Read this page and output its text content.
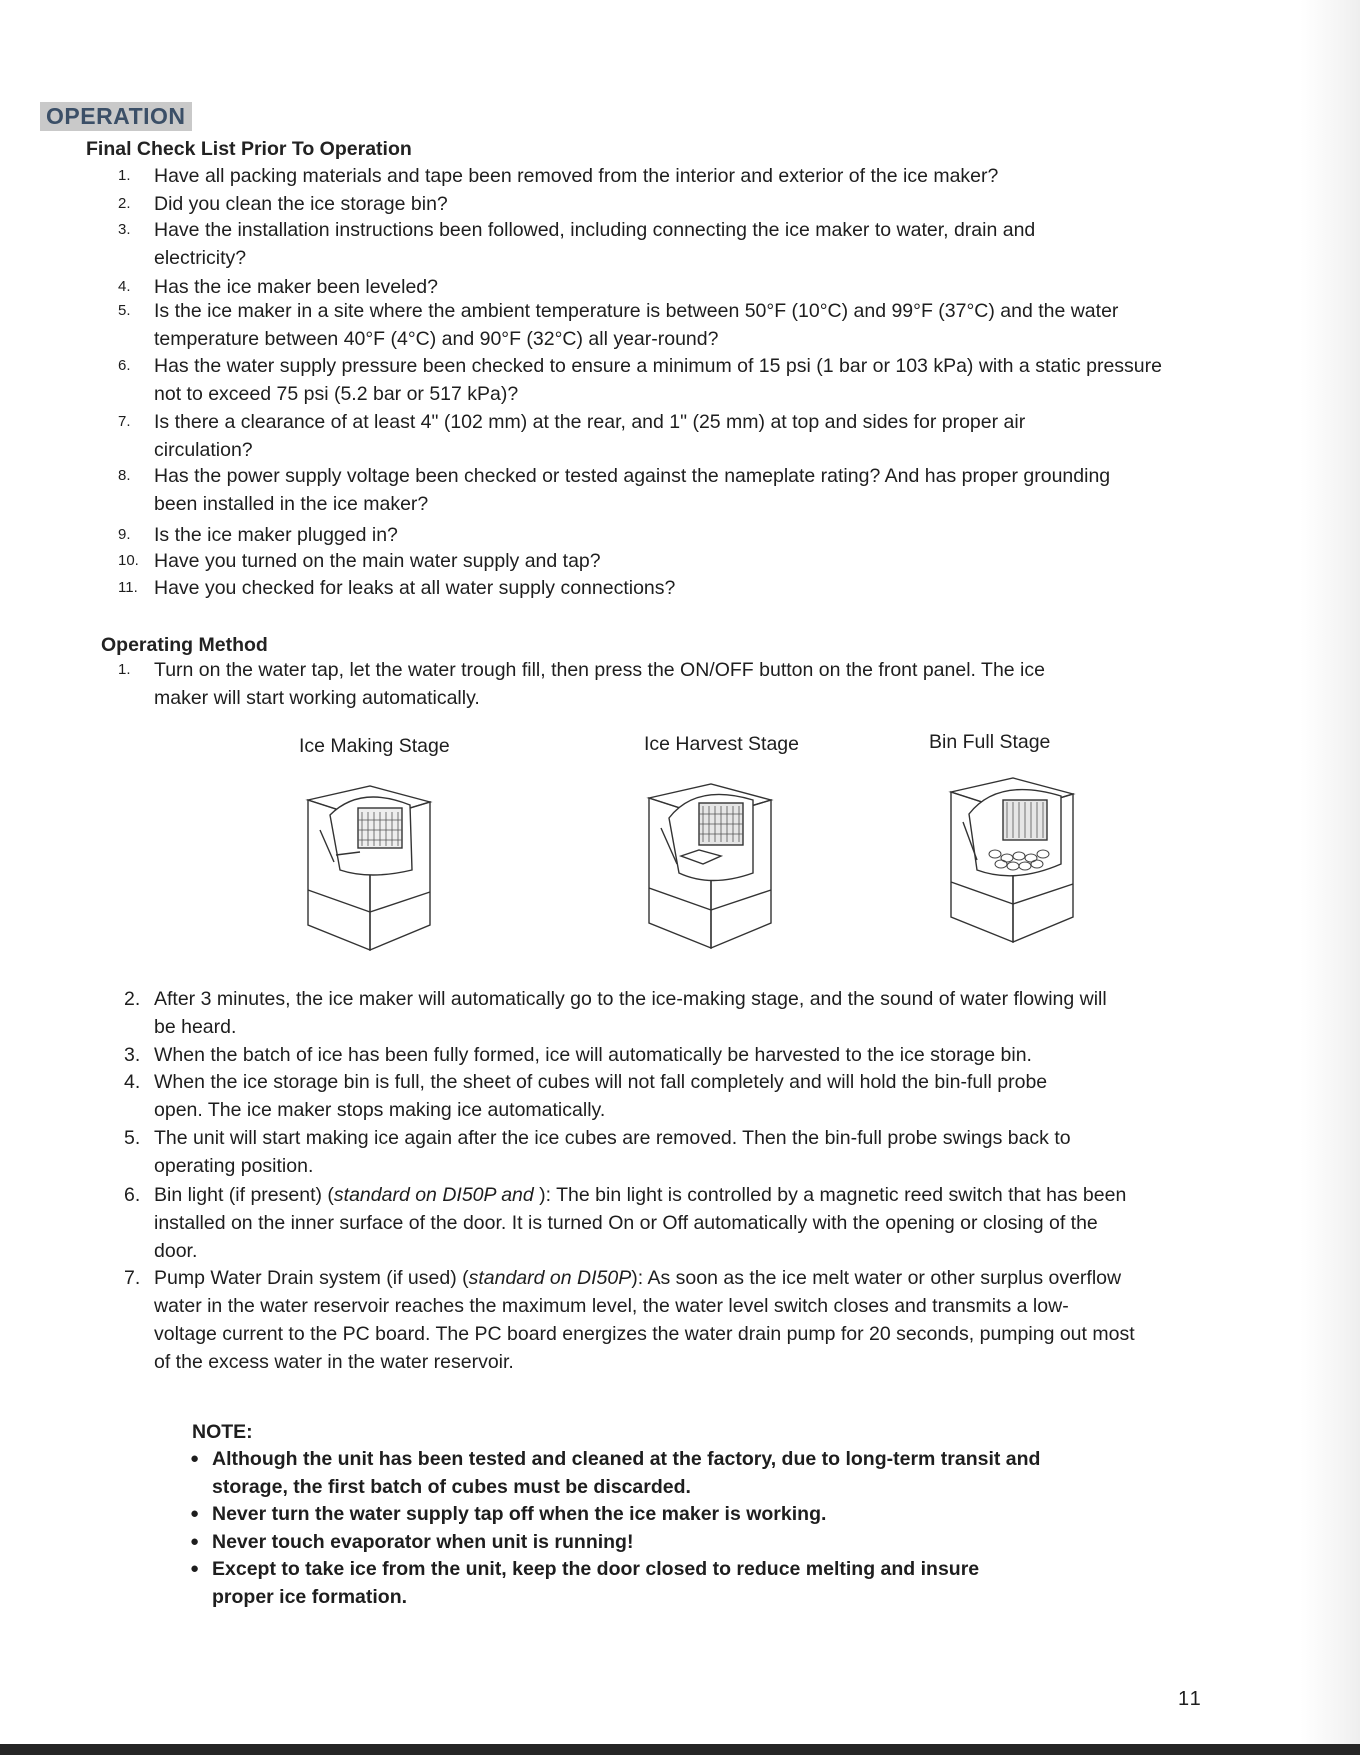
OPERATION
Final Check List Prior To Operation
1.	Have all packing materials and tape been removed from the interior and exterior of the ice maker?
2.	Did you clean the ice storage bin?
3.	Have the installation instructions been followed, including connecting the ice maker to water, drain and
electricity?
4.	Has the ice maker been leveled?
5.	Is the ice maker in a site where the ambient temperature is between 50°F (10°C) and 99°F (37°C) and the water
temperature between 40°F (4°C) and 90°F (32°C) all year-round?
6.	Has the water supply pressure been checked to ensure a minimum of 15 psi (1 bar or 103 kPa) with a static pressure
not to exceed 75 psi (5.2 bar or 517 kPa)?
7.	Is there a clearance of at least 4" (102 mm) at the rear, and 1" (25 mm) at top and sides for proper air
circulation?
8.	Has the power supply voltage been checked or tested against the nameplate rating? And has proper grounding
been installed in the ice maker?
9.	Is the ice maker plugged in?
10. Have you turned on the main water supply and tap?
11. Have you checked for leaks at all water supply connections?
Operating Method
1.	Turn on the water tap, let the water trough fill, then press the ON/OFF button on the front panel. The ice
maker will start working automatically.
Ice Making Stage	Ice Harvest Stage	Bin Full Stage
2. After 3 minutes, the ice maker will automatically go to the ice-making stage, and the sound of water flowing will
be heard.
3. When the batch of ice has been fully formed, ice will automatically be harvested to the ice storage bin.
4. When the ice storage bin is full, the sheet of cubes will not fall completely and will hold the bin-full probe
open. The ice maker stops making ice automatically.
5. The unit will start making ice again after the ice cubes are removed. Then the bin-full probe swings back to
operating position.
6. Bin light (if present) (standard on DI50P and ): The bin light is controlled by a magnetic reed switch that has been
installed on the inner surface of the door. It is turned On or Off automatically with the opening or closing of the
door.
7. Pump Water Drain system (if used) (standard on DI50P): As soon as the ice melt water or other surplus overflow
water in the water reservoir reaches the maximum level, the water level switch closes and transmits a low-
voltage current to the PC board. The PC board energizes the water drain pump for 20 seconds, pumping out most
of the excess water in the water reservoir.
NOTE:
● Although the unit has been tested and cleaned at the factory, due to long-term transit and
storage, the first batch of cubes must be discarded.
● Never turn the water supply tap off when the ice maker is working.
● Never touch evaporator when unit is running!
● Except to take ice from the unit, keep the door closed to reduce melting and insure
proper ice formation.
11
